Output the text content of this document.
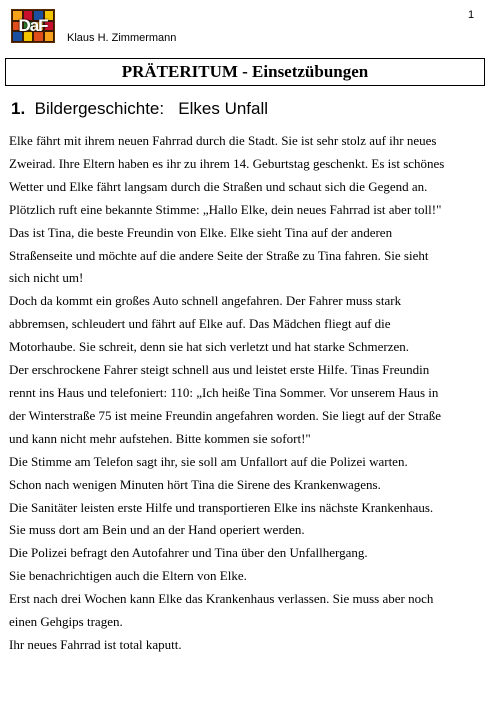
DaF
Klaus H. Zimmermann
1
PRÄTERITUM - Einsetzübungen
1. Bildergeschichte:   Elkes Unfall

Elke fährt mit ihrem neuen Fahrrad durch die Stadt. Sie ist sehr stolz auf ihr neues

Zweirad. Ihre Eltern haben es ihr zu ihrem 14. Geburtstag geschenkt. Es ist schönes

Wetter und Elke fährt langsam durch die Straßen und schaut sich die Gegend an.

Plötzlich ruft eine bekannte Stimme: „Hallo Elke, dein neues Fahrrad ist aber toll!"

Das ist Tina, die beste Freundin von Elke. Elke sieht Tina auf der anderen

Straßenseite und möchte auf die andere Seite der Straße zu Tina fahren. Sie sieht

sich nicht um!

Doch da kommt ein großes Auto schnell angefahren. Der Fahrer muss stark

abbremsen, schleudert und fährt auf Elke auf. Das Mädchen fliegt auf die

Motorhaube. Sie schreit, denn sie hat sich verletzt und hat starke Schmerzen.

Der erschrockene Fahrer steigt schnell aus und leistet erste Hilfe. Tinas Freundin

rennt ins Haus und telefoniert: 110: „Ich heiße Tina Sommer. Vor unserem Haus in

der Winterstraße 75 ist meine Freundin angefahren worden. Sie liegt auf der Straße

und kann nicht mehr aufstehen. Bitte kommen sie sofort!"

Die Stimme am Telefon sagt ihr, sie soll am Unfallort auf die Polizei warten.

Schon nach wenigen Minuten hört Tina die Sirene des Krankenwagens.

Die Sanitäter leisten erste Hilfe und transportieren Elke ins nächste Krankenhaus.

Sie muss dort am Bein und an der Hand operiert werden.

Die Polizei befragt den Autofahrer und Tina über den Unfallhergang.

Sie benachrichtigen auch die Eltern von Elke.

Erst nach drei Wochen kann Elke das Krankenhaus verlassen. Sie muss aber noch

einen Gehgips tragen.

Ihr neues Fahrrad ist total kaputt.
